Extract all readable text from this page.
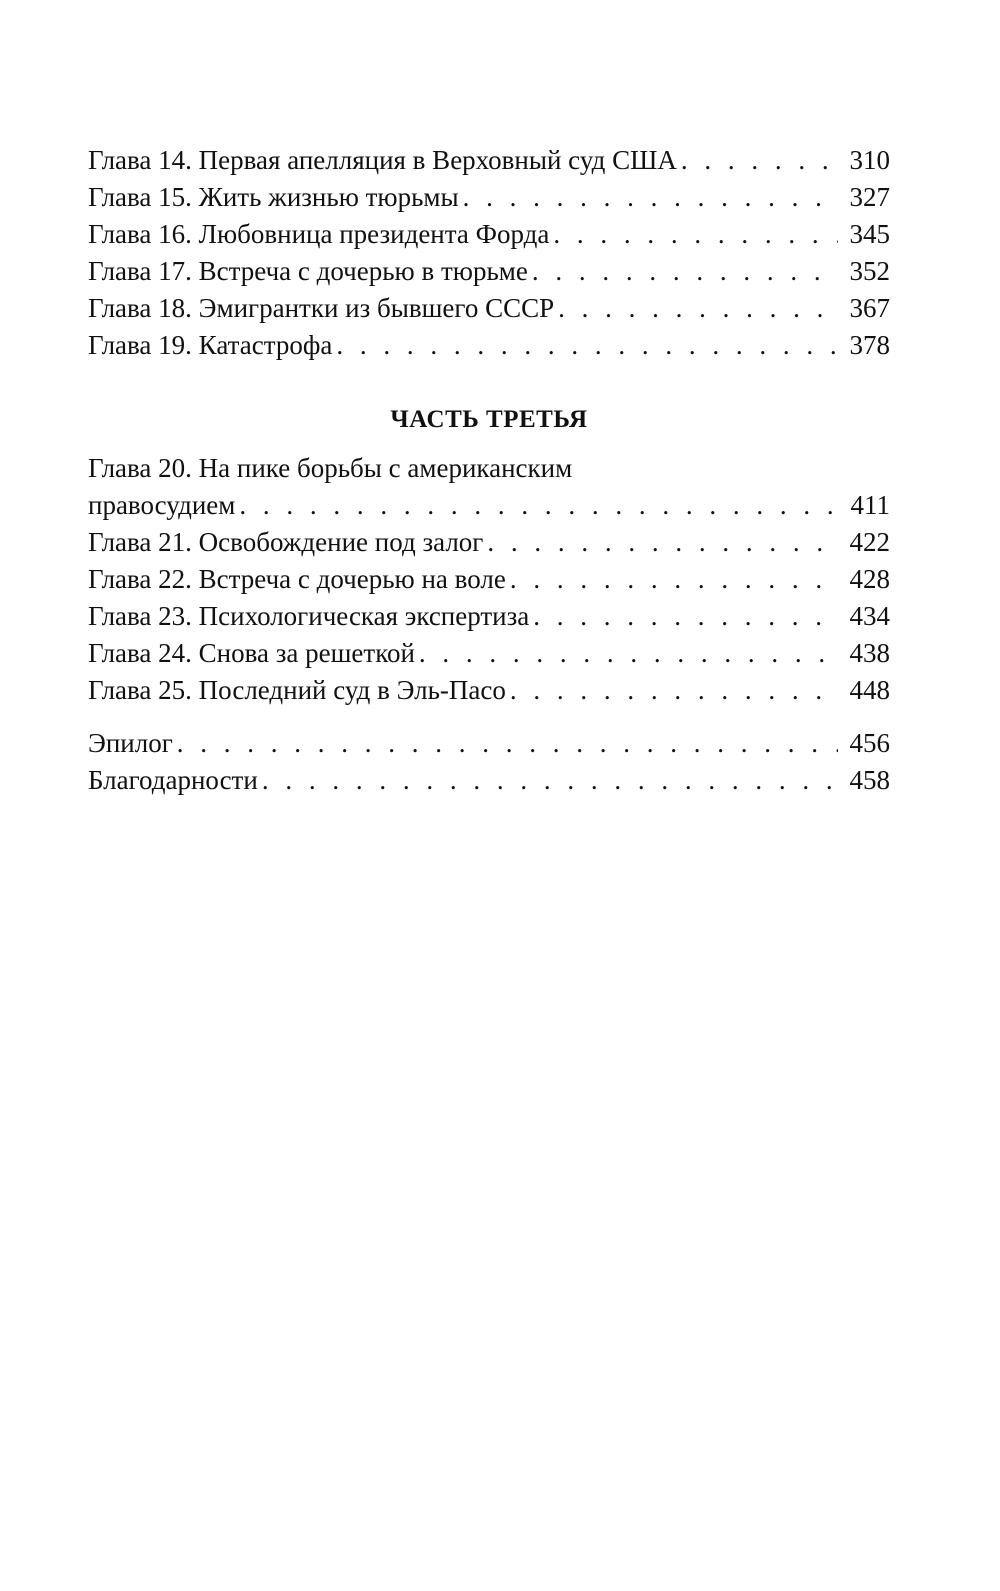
Глава 14. Первая апелляция в Верховный суд США . . .	310
Глава 15. Жить жизнью тюрьмы . . .	327
Глава 16. Любовница президента Форда . . .	345
Глава 17. Встреча с дочерью в тюрьме . . .	352
Глава 18. Эмигрантки из бывшего СССР . . .	367
Глава 19. Катастрофа . . .	378
ЧАСТЬ ТРЕТЬЯ
Глава 20. На пике борьбы с американским
правосудием . . .	411
Глава 21. Освобождение под залог . . .	422
Глава 22. Встреча с дочерью на воле . . .	428
Глава 23. Психологическая экспертиза . . .	434
Глава 24. Снова за решеткой . . .	438
Глава 25. Последний суд в Эль-Пасо . . .	448
Эпилог . . .	456
Благодарности . . .	458
